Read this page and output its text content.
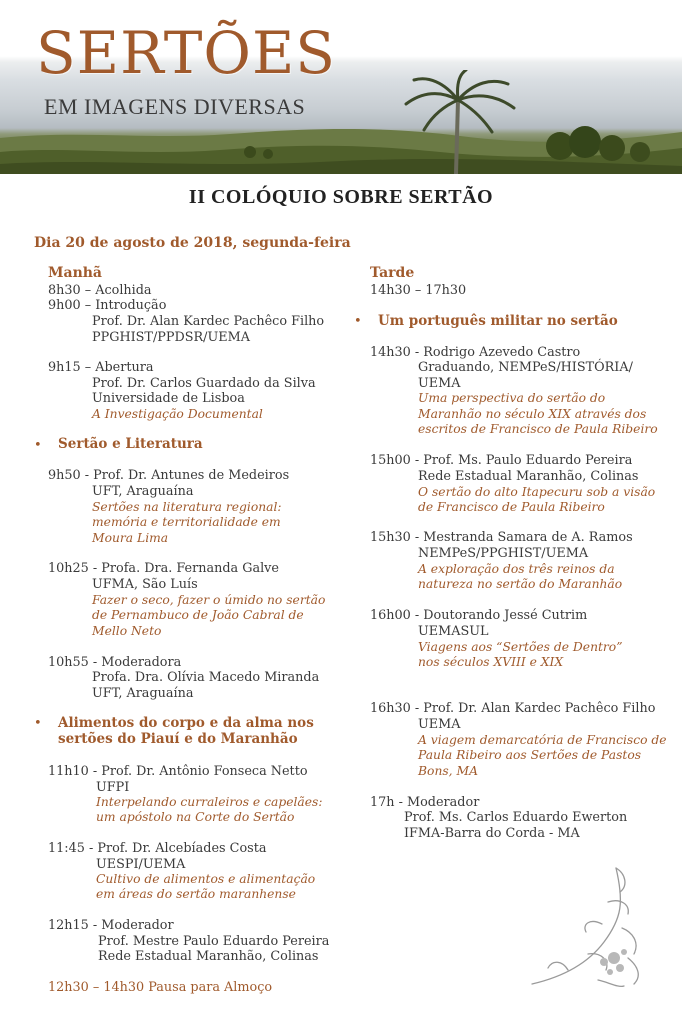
SERTÕES
EM IMAGENS DIVERSAS
II COLÓQUIO SOBRE SERTÃO
Dia 20 de agosto de 2018, segunda-feira
Manhã
8h30 – Acolhida
9h00 – Introdução
Prof. Dr. Alan Kardec Pachêco Filho
PPGHIST/PPDSR/UEMA
9h15 – Abertura
Prof. Dr. Carlos Guardado da Silva
Universidade de Lisboa
A Investigação Documental
• Sertão e Literatura
9h50 - Prof. Dr. Antunes de Medeiros
UFT, Araguaína
Sertões na literatura regional:
memória e territorialidade em
Moura Lima
10h25 - Profa. Dra. Fernanda Galve
UFMA, São Luís
Fazer o seco, fazer o úmido no sertão
de Pernambuco de João Cabral de
Mello Neto
10h55 - Moderadora
Profa. Dra. Olívia Macedo Miranda
UFT, Araguaína
• Alimentos do corpo e da alma nos
sertões do Piauí e do Maranhão
11h10 - Prof. Dr. Antônio Fonseca Netto
UFPI
Interpelando curraleiros e capelães:
um apóstolo na Corte do Sertão
11:45 - Prof. Dr. Alcebíades Costa
UESPI/UEMA
Cultivo de alimentos e alimentação
em áreas do sertão maranhense
12h15 - Moderador
Prof. Mestre Paulo Eduardo Pereira
Rede Estadual Maranhão, Colinas
12h30 – 14h30 Pausa para Almoço
Tarde
14h30 – 17h30
• Um português militar no sertão
14h30 - Rodrigo Azevedo Castro
Graduando, NEMPeS/HISTÓRIA/
UEMA
Uma perspectiva do sertão do
Maranhão no século XIX através dos
escritos de Francisco de Paula Ribeiro
15h00 - Prof. Ms. Paulo Eduardo Pereira
Rede Estadual Maranhão, Colinas
O sertão do alto Itapecuru sob a visão
de Francisco de Paula Ribeiro
15h30 - Mestranda Samara de A. Ramos
NEMPeS/PPGHIST/UEMA
A exploração dos três reinos da
natureza no sertão do Maranhão
16h00 - Doutorando Jessé Cutrim
UEMASUL
Viagens aos “Sertões de Dentro”
nos séculos XVIII e XIX
16h30 - Prof. Dr. Alan Kardec Pachêco Filho
UEMA
A viagem demarcatória de Francisco de
Paula Ribeiro aos Sertões de Pastos
Bons, MA
17h - Moderador
Prof. Ms. Carlos Eduardo Ewerton
IFMA-Barra do Corda - MA
